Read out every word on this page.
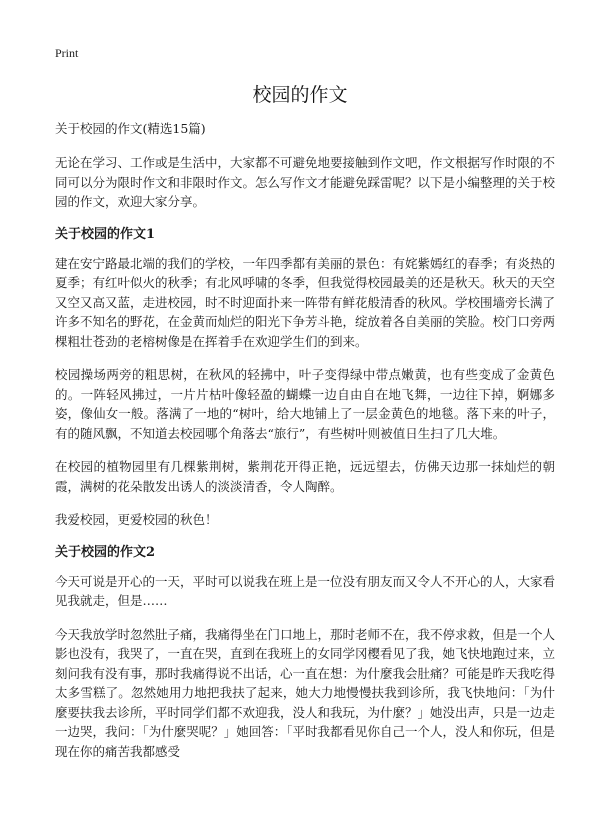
Print
校园的作文

关于校园的作文(精选15篇)

无论在学习、工作或是生活中，大家都不可避免地要接触到作文吧，作文根据写作时限的不同可以分为限时作文和非限时作文。怎么写作文才能避免踩雷呢？以下是小编整理的关于校园的作文，欢迎大家分享。

关于校园的作文1

建在安宁路最北端的我们的学校，一年四季都有美丽的景色：有姹紫嫣红的春季；有炎热的夏季；有红叶似火的秋季；有北风呼啸的冬季，但我觉得校园最美的还是秋天。秋天的天空又空又高又蓝，走进校园，时不时迎面扑来一阵带有鲜花般清香的秋风。学校围墙旁长满了许多不知名的野花，在金黄而灿烂的阳光下争芳斗艳，绽放着各自美丽的笑脸。校门口旁两棵粗壮苍劲的老榕树像是在挥着手在欢迎学生们的到来。

校园操场两旁的粗思树，在秋风的轻拂中，叶子变得绿中带点嫩黄，也有些变成了金黄色的。一阵轻风拂过，一片片枯叶像轻盈的蝴蝶一边自由自在地飞舞，一边往下掉，婀娜多姿，像仙女一般。落满了一地的“树叶，给大地铺上了一层金黄色的地毯。落下来的叶子，有的随风飘，不知道去校园哪个角落去“旅行”，有些树叶则被值日生扫了几大堆。

在校园的植物园里有几棵紫荆树，紫荆花开得正艳，远远望去，仿佛天边那一抹灿烂的朝霞，满树的花朵散发出诱人的淡淡清香，令人陶醉。

我爱校园，更爱校园的秋色！

关于校园的作文2

今天可说是开心的一天，平时可以说我在班上是一位没有朋友而又令人不开心的人，大家看见我就走，但是……

今天我放学时忽然肚子痛，我痛得坐在门口地上，那时老师不在，我不停求救，但是一个人影也没有，我哭了，一直在哭，直到在我班上的女同学冈樱看见了我，她飞快地跑过来，立刻问我有没有事，那时我痛得说不出话，心一直在想：为什麼我会肚痛？可能是昨天我吃得太多雪糕了。忽然她用力地把我扶了起来，她大力地慢慢扶我到诊所，我飞快地问：「为什麼要扶我去诊所，平时同学们都不欢迎我，没人和我玩，为什麼？」她没出声，只是一边走一边哭，我问：「为什麼哭呢？」她回答：「平时我都看见你自己一个人，没人和你玩，但是现在你的痛苦我都感受
